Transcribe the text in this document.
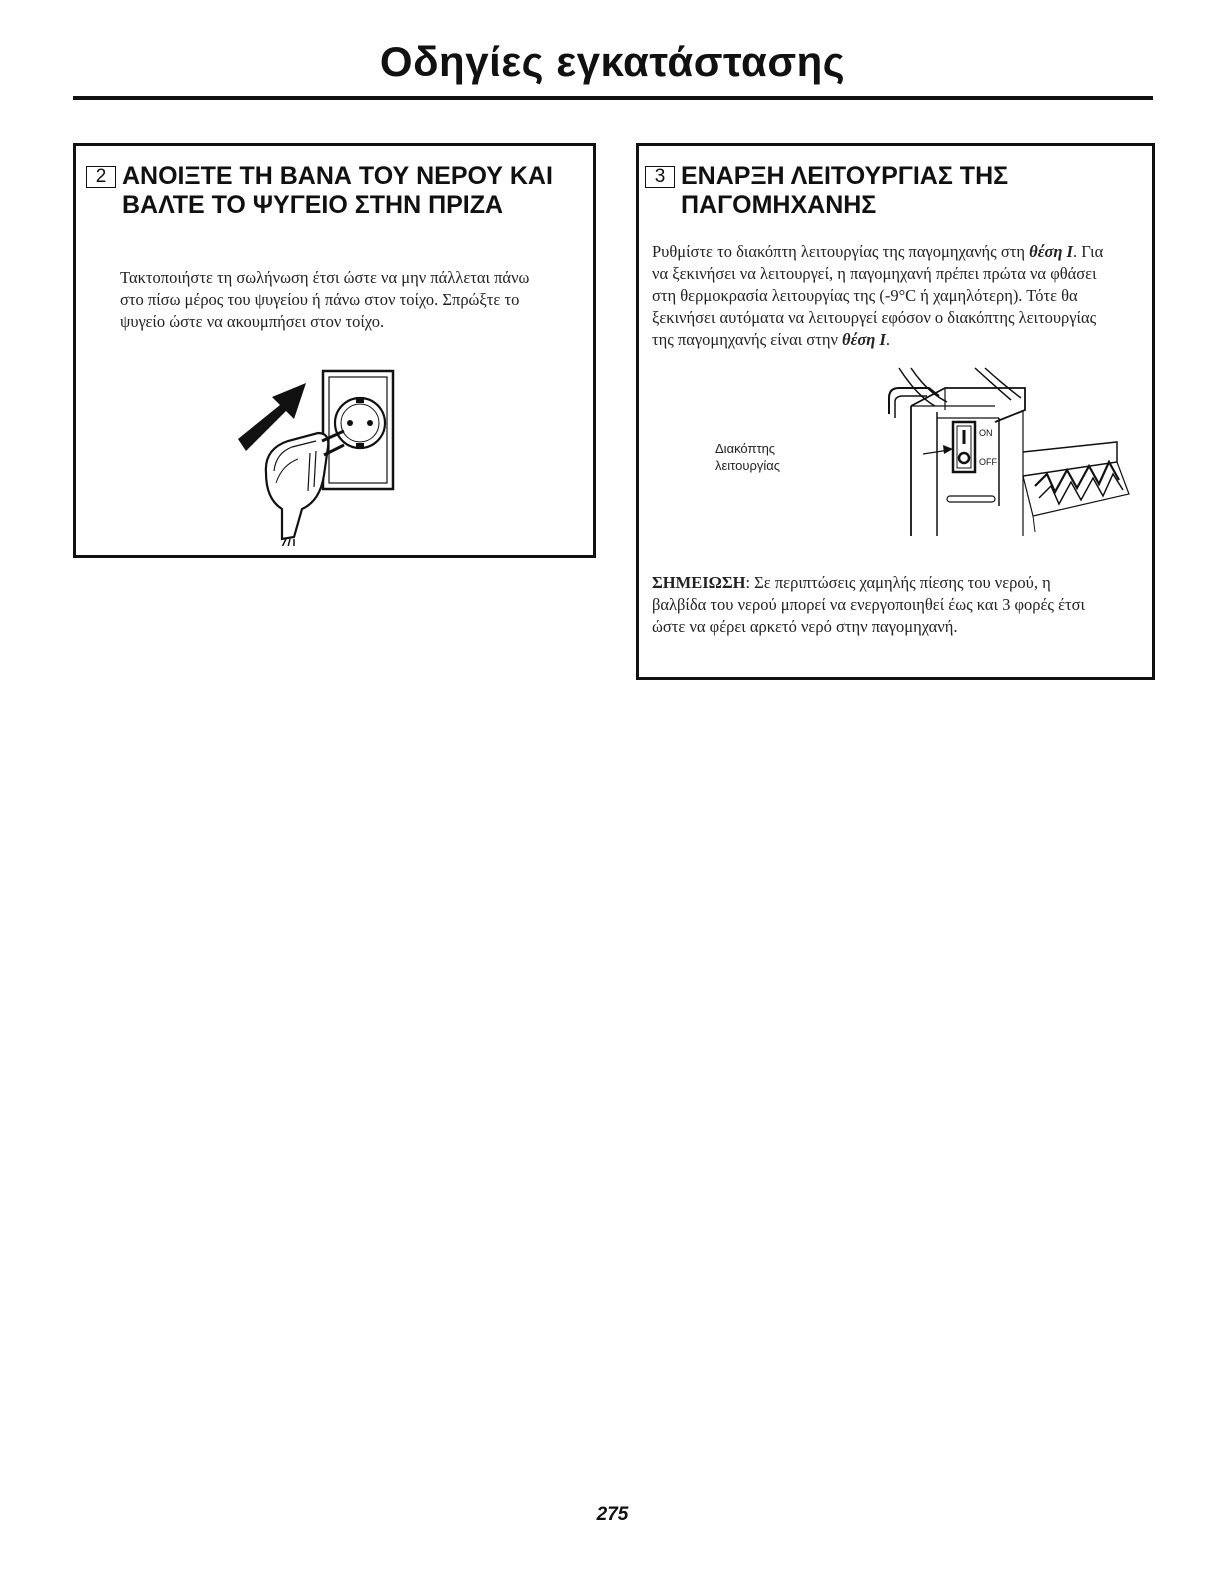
Οδηγίες εγκατάστασης
2 ΑΝΟΙΞΤΕ ΤΗ ΒΑΝΑ ΤΟΥ ΝΕΡΟΥ ΚΑΙ
ΒΑΛΤΕ ΤΟ ΨΥΓΕΙΟ ΣΤΗΝ ΠΡΙΖΑ
Τακτοποιήστε τη σωλήνωση έτσι ώστε να μην πάλλεται πάνω
στο πίσω μέρος του ψυγείου ή πάνω στον τοίχο. Σπρώξτε το
ψυγείο ώστε να ακουμπήσει στον τοίχο.
3 ΕΝΑΡΞΗ ΛΕΙΤΟΥΡΓΙΑΣ ΤΗΣ
ΠΑΓΟΜΗΧΑΝΗΣ
Ρυθμίστε το διακόπτη λειτουργίας της παγομηχανής στη θέση I. Για
να ξεκινήσει να λειτουργεί, η παγομηχανή πρέπει πρώτα να φθάσει
στη θερμοκρασία λειτουργίας της (-9°C ή χαμηλότερη). Τότε θα
ξεκινήσει αυτόματα να λειτουργεί εφόσον ο διακόπτης λειτουργίας
της παγομηχανής είναι στην θέση I.
Διακόπτης
λειτουργίας
ON
OFF
ΣΗΜΕΙΩΣΗ: Σε περιπτώσεις χαμηλής πίεσης του νερού, η
βαλβίδα του νερού μπορεί να ενεργοποιηθεί έως και 3 φορές έτσι
ώστε να φέρει αρκετό νερό στην παγομηχανή.
275
